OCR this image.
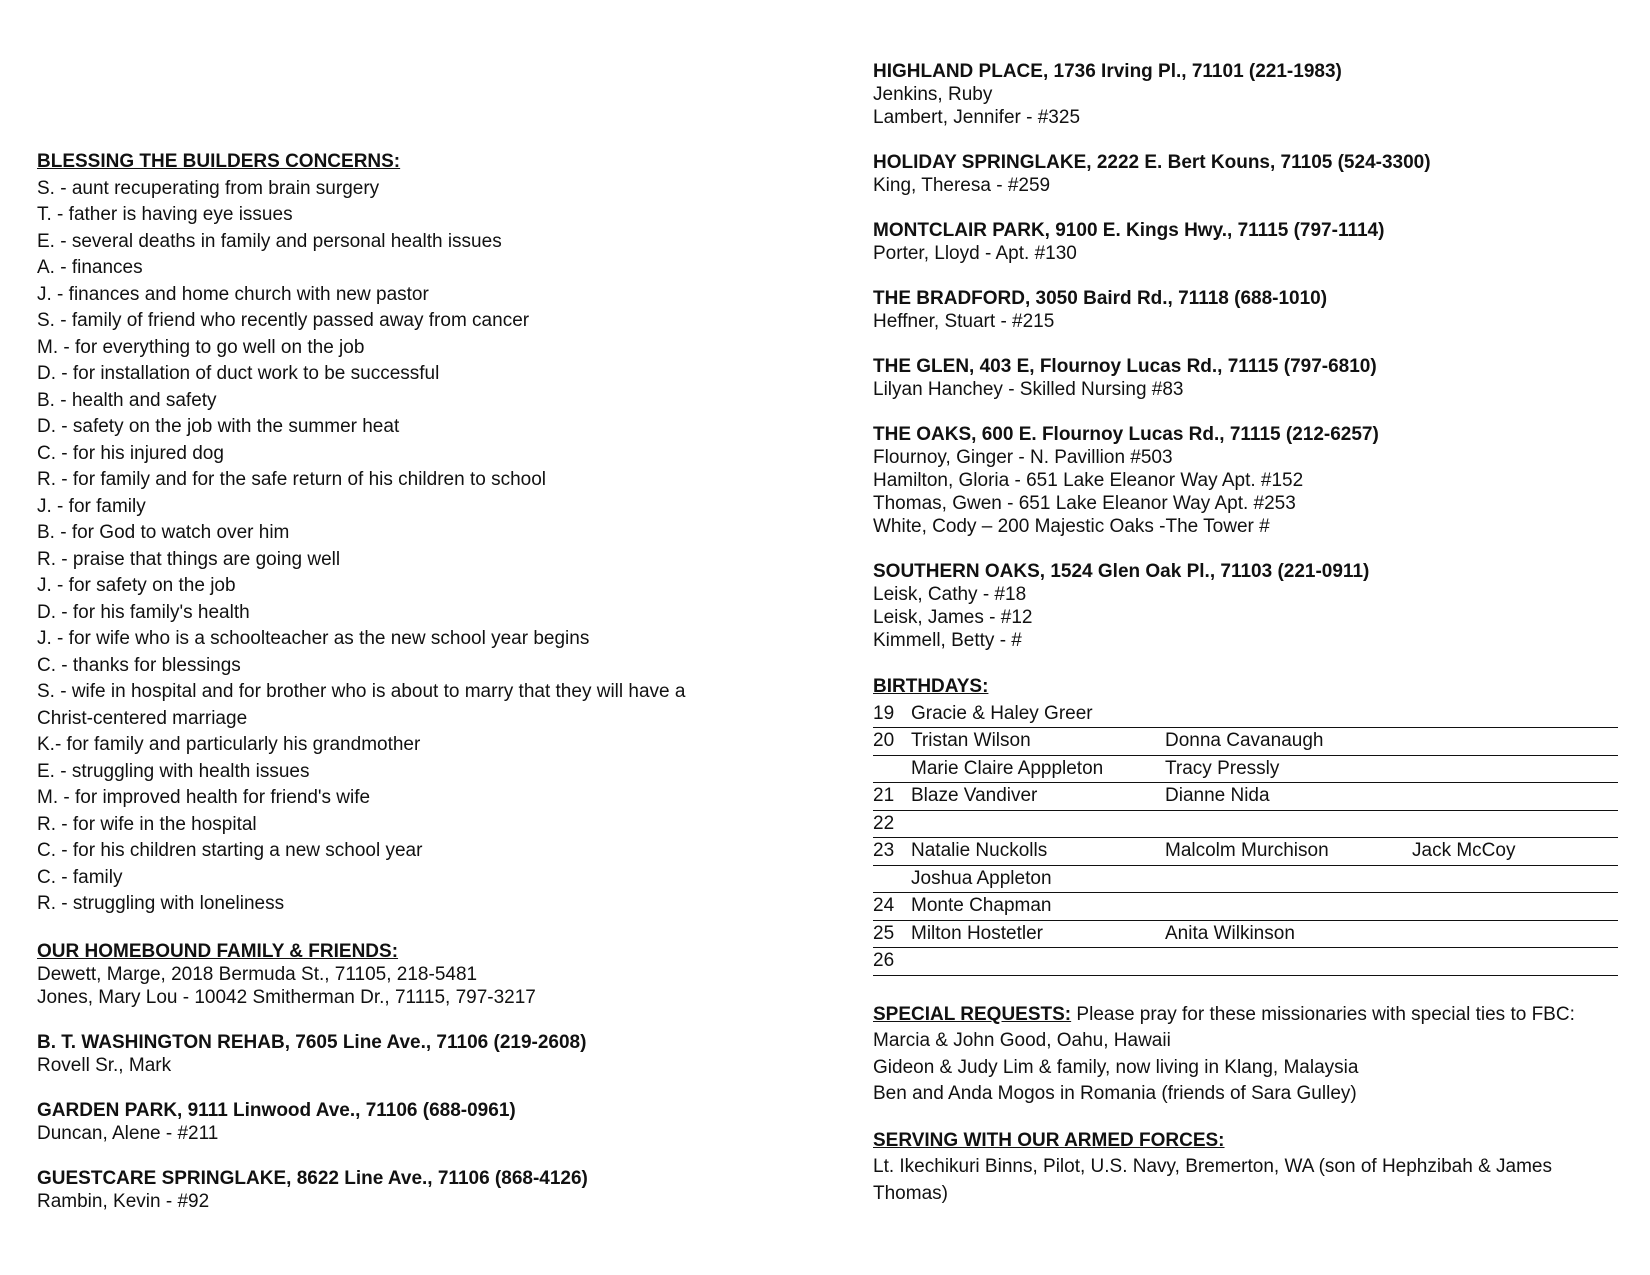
BLESSING THE BUILDERS CONCERNS:
S. - aunt recuperating from brain surgery
T. - father is having eye issues
E. - several deaths in family and personal health issues
A. - finances
J. - finances and home church with new pastor
S. - family of friend who recently passed away from cancer
M. - for everything to go well on the job
D. - for installation of duct work to be successful
B. - health and safety
D. - safety on the job with the summer heat
C. - for his injured dog
R. - for family and for the safe return of his children to school
J. - for family
B. - for God to watch over him
R. - praise that things are going well
J. - for safety on the job
D. - for his family's health
J. - for wife who is a schoolteacher as the new school year begins
C. - thanks for blessings
S. - wife in hospital and for brother who is about to marry that they will have a
Christ-centered marriage
K.- for family and particularly his grandmother
E. - struggling with health issues
M. - for improved health for friend's wife
R. - for wife in the hospital
C. - for his children starting a new school year
C. - family
R. - struggling with loneliness
OUR HOMEBOUND FAMILY & FRIENDS:
Dewett, Marge, 2018 Bermuda St., 71105, 218-5481
Jones, Mary Lou - 10042 Smitherman Dr., 71115, 797-3217
B. T. WASHINGTON REHAB, 7605 Line Ave., 71106 (219-2608)
Rovell Sr., Mark
GARDEN PARK, 9111 Linwood Ave., 71106 (688-0961)
Duncan, Alene - #211
GUESTCARE SPRINGLAKE, 8622 Line Ave., 71106 (868-4126)
Rambin, Kevin - #92
HIGHLAND PLACE, 1736 Irving Pl., 71101 (221-1983)
Jenkins, Ruby
Lambert, Jennifer - #325
HOLIDAY SPRINGLAKE, 2222 E. Bert Kouns, 71105 (524-3300)
King, Theresa - #259
MONTCLAIR PARK, 9100 E. Kings Hwy., 71115 (797-1114)
Porter, Lloyd - Apt. #130
THE BRADFORD, 3050 Baird Rd., 71118 (688-1010)
Heffner, Stuart - #215
THE GLEN, 403 E, Flournoy Lucas Rd., 71115 (797-6810)
Lilyan Hanchey - Skilled Nursing #83
THE OAKS, 600 E. Flournoy Lucas Rd., 71115 (212-6257)
Flournoy, Ginger - N. Pavillion #503
Hamilton, Gloria - 651 Lake Eleanor Way Apt. #152
Thomas, Gwen - 651 Lake Eleanor Way Apt. #253
White, Cody – 200 Majestic Oaks -The Tower #
SOUTHERN OAKS, 1524 Glen Oak Pl., 71103 (221-0911)
Leisk, Cathy - #18
Leisk, James - #12
Kimmell, Betty - #
BIRTHDAYS:
19 Gracie & Haley Greer
20 Tristan Wilson	Donna Cavanaugh
Marie Claire Apppleton	Tracy Pressly
21 Blaze Vandiver	Dianne Nida
22
23 Natalie Nuckolls	Malcolm Murchison	Jack McCoy
Joshua Appleton
24 Monte Chapman
25 Milton Hostetler	Anita Wilkinson
26
SPECIAL REQUESTS: Please pray for these missionaries with special ties to FBC:
Marcia & John Good, Oahu, Hawaii
Gideon & Judy Lim & family, now living in Klang, Malaysia
Ben and Anda Mogos in Romania (friends of Sara Gulley)
SERVING WITH OUR ARMED FORCES:
Lt. Ikechikuri Binns, Pilot, U.S. Navy, Bremerton, WA (son of Hephzibah & James Thomas)
